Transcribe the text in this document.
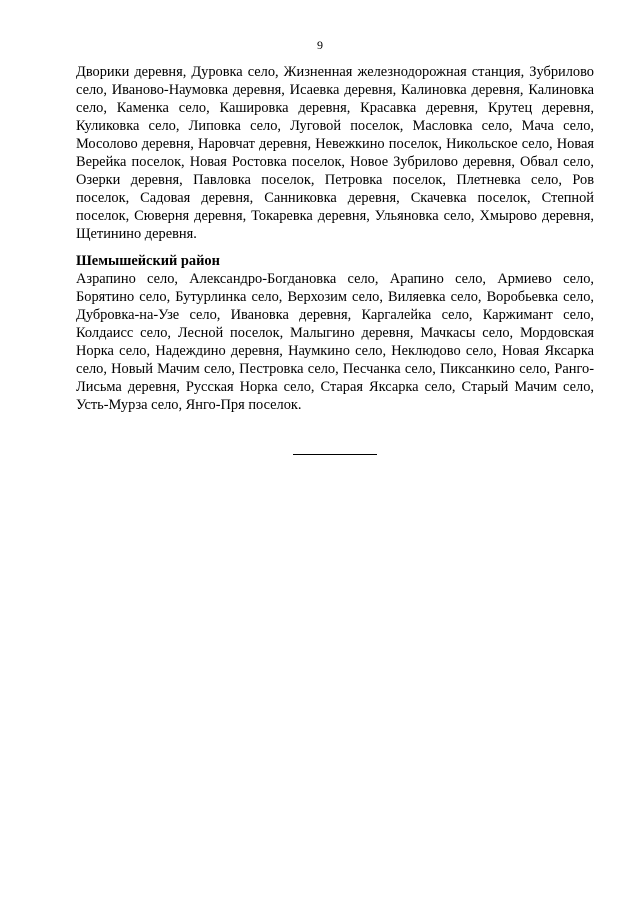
9

Дворики деревня, Дуровка село, Жизненная железнодорожная станция, Зубрилово село, Иваново-Наумовка деревня, Исаевка деревня, Калиновка деревня, Калиновка село, Каменка село, Кашировка деревня, Красавка деревня, Крутец деревня, Куликовка село, Липовка село, Луговой поселок, Масловка село, Мача село, Мосолово деревня, Наровчат деревня, Невежкино поселок, Никольское село, Новая Верейка поселок, Новая Ростовка поселок, Новое Зубрилово деревня, Обвал село, Озерки деревня, Павловка поселок, Петровка поселок, Плетневка село, Ров поселок, Садовая деревня, Санниковка деревня, Скачевка поселок, Степной поселок, Сюверня деревня, Токаревка деревня, Ульяновка село, Хмырово деревня, Щетинино деревня.

Шемышейский район

Азрапино село, Александро-Богдановка село, Арапино село, Армиево село, Борятино село, Бутурлинка село, Верхозим село, Виляевка село, Воробьевка село, Дубровка-на-Узе село, Ивановка деревня, Каргалейка село, Каржимант село, Колдаисс село, Лесной поселок, Малыгино деревня, Мачкасы село, Мордовская Норка село, Надеждино деревня, Наумкино село, Неклюдово село, Новая Яксарка село, Новый Мачим село, Пестровка село, Песчанка село, Пиксанкино село, Ранго-Лисьма деревня, Русская Норка село, Старая Яксарка село, Старый Мачим село, Усть-Мурза село, Янго-Пря поселок.
